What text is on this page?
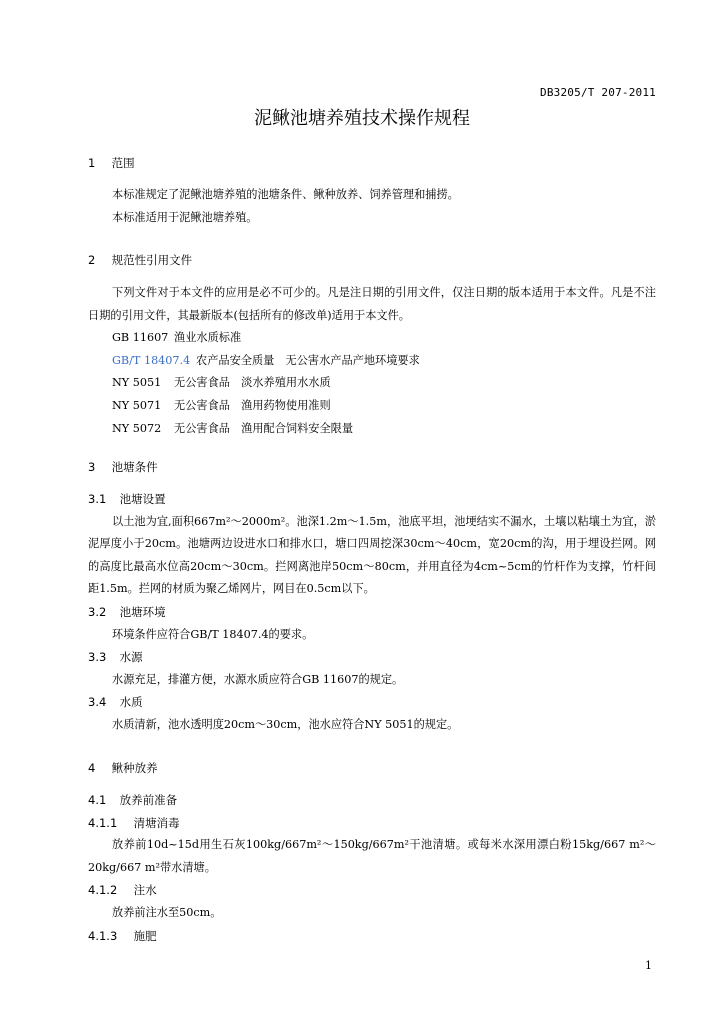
DB3205/T 207-2011
泥鳅池塘养殖技术操作规程
1 范围
本标准规定了泥鳅池塘养殖的池塘条件、鳅种放养、饲养管理和捕捞。
本标准适用于泥鳅池塘养殖。
2 规范性引用文件
下列文件对于本文件的应用是必不可少的。凡是注日期的引用文件，仅注日期的版本适用于本文件。凡是不注日期的引用文件，其最新版本(包括所有的修改单)适用于本文件。
GB 11607 渔业水质标准
GB/T 18407.4 农产品安全质量　无公害水产品产地环境要求
NY 5051 无公害食品　淡水养殖用水水质
NY 5071 无公害食品　渔用药物使用准则
NY 5072 无公害食品　渔用配合饲料安全限量
3 池塘条件
3.1 池塘设置
以土池为宜,面积667m²～2000m²。池深1.2m～1.5m，池底平坦，池埂结实不漏水，土壤以粘壤土为宜，淤泥厚度小于20cm。池塘两边设进水口和排水口，塘口四周挖深30cm～40cm，宽20cm的沟，用于埋设拦网。网的高度比最高水位高20cm～30cm。拦网离池岸50cm～80cm，并用直径为4cm~5cm的竹杆作为支撑，竹杆间距1.5m。拦网的材质为聚乙烯网片，网目在0.5cm以下。
3.2 池塘环境
环境条件应符合GB/T 18407.4的要求。
3.3 水源
水源充足，排灌方便，水源水质应符合GB 11607的规定。
3.4 水质
水质清新，池水透明度20cm～30cm，池水应符合NY 5051的规定。
4 鳅种放养
4.1 放养前准备
4.1.1 清塘消毒
放养前10d~15d用生石灰100kg/667m²～150kg/667m²干池清塘。或每米水深用漂白粉15kg/667 m²～20kg/667 m²带水清塘。
4.1.2 注水
放养前注水至50cm。
4.1.3 施肥
1
